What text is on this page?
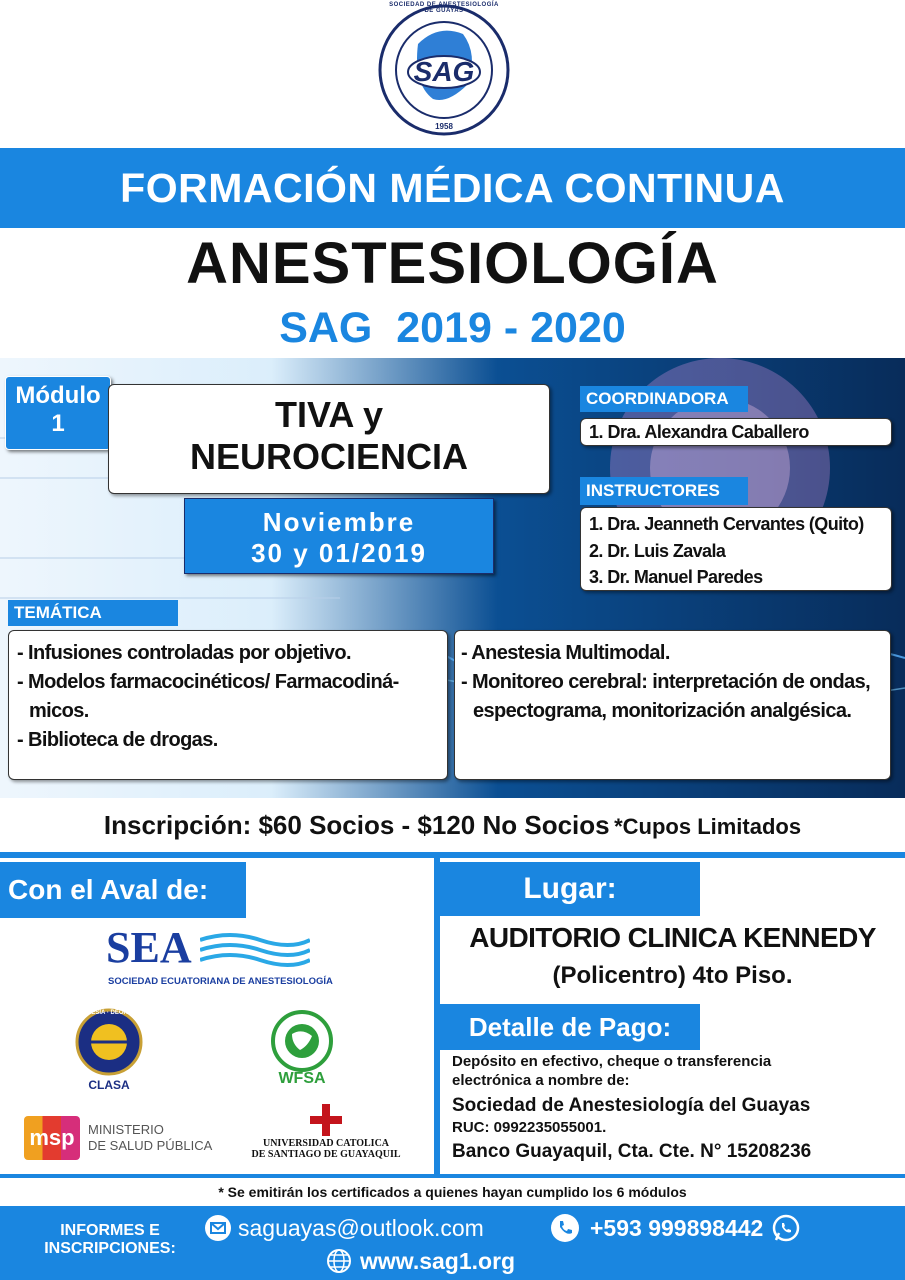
SOCIEDAD DE ANESTESIOLOGÍA DE GUAYAS
SAG
1958
FORMACIÓN MÉDICA CONTINUA
ANESTESIOLOGÍA
SAG  2019 - 2020
Módulo
1	TIVA y
NEUROCIENCIA
Noviembre
30 y 01/2019
COORDINADORA
1. Dra. Alexandra Caballero
INSTRUCTORES
1. Dra. Jeanneth Cervantes (Quito)
2. Dr. Luis Zavala
3. Dr. Manuel Paredes
TEMÁTICA
- Infusiones controladas por objetivo.
- Modelos farmacocinéticos/ Farmacodiná-micos.
- Biblioteca de drogas.
- Anestesia Multimodal.
- Monitoreo cerebral: interpretación de ondas, espectograma, monitorización analgésica.
Inscripción: $60 Socios - $120 No Socios *Cupos Limitados
Con el Aval de:
SEA
SOCIEDAD ECUATORIANA DE ANESTESIOLOGÍA
ANESTHESIA · DEORUM ARS
CLASA	WFSA
msp	MINISTERIO
DE SALUD PÚBLICA	UNIVERSIDAD CATOLICA
DE SANTIAGO DE GUAYAQUIL
Lugar:
AUDITORIO CLINICA KENNEDY
(Policentro) 4to Piso.
Detalle de Pago:
Depósito en efectivo, cheque o transferencia
electrónica a nombre de:
Sociedad de Anestesiología del Guayas
RUC: 0992235055001.
Banco Guayaquil, Cta. Cte. N° 15208236
* Se emitirán los certificados a quienes hayan cumplido los 6 módulos
INFORMES E
INSCRIPCIONES:
saguayas@outlook.com	+593 999898442
www.sag1.org
